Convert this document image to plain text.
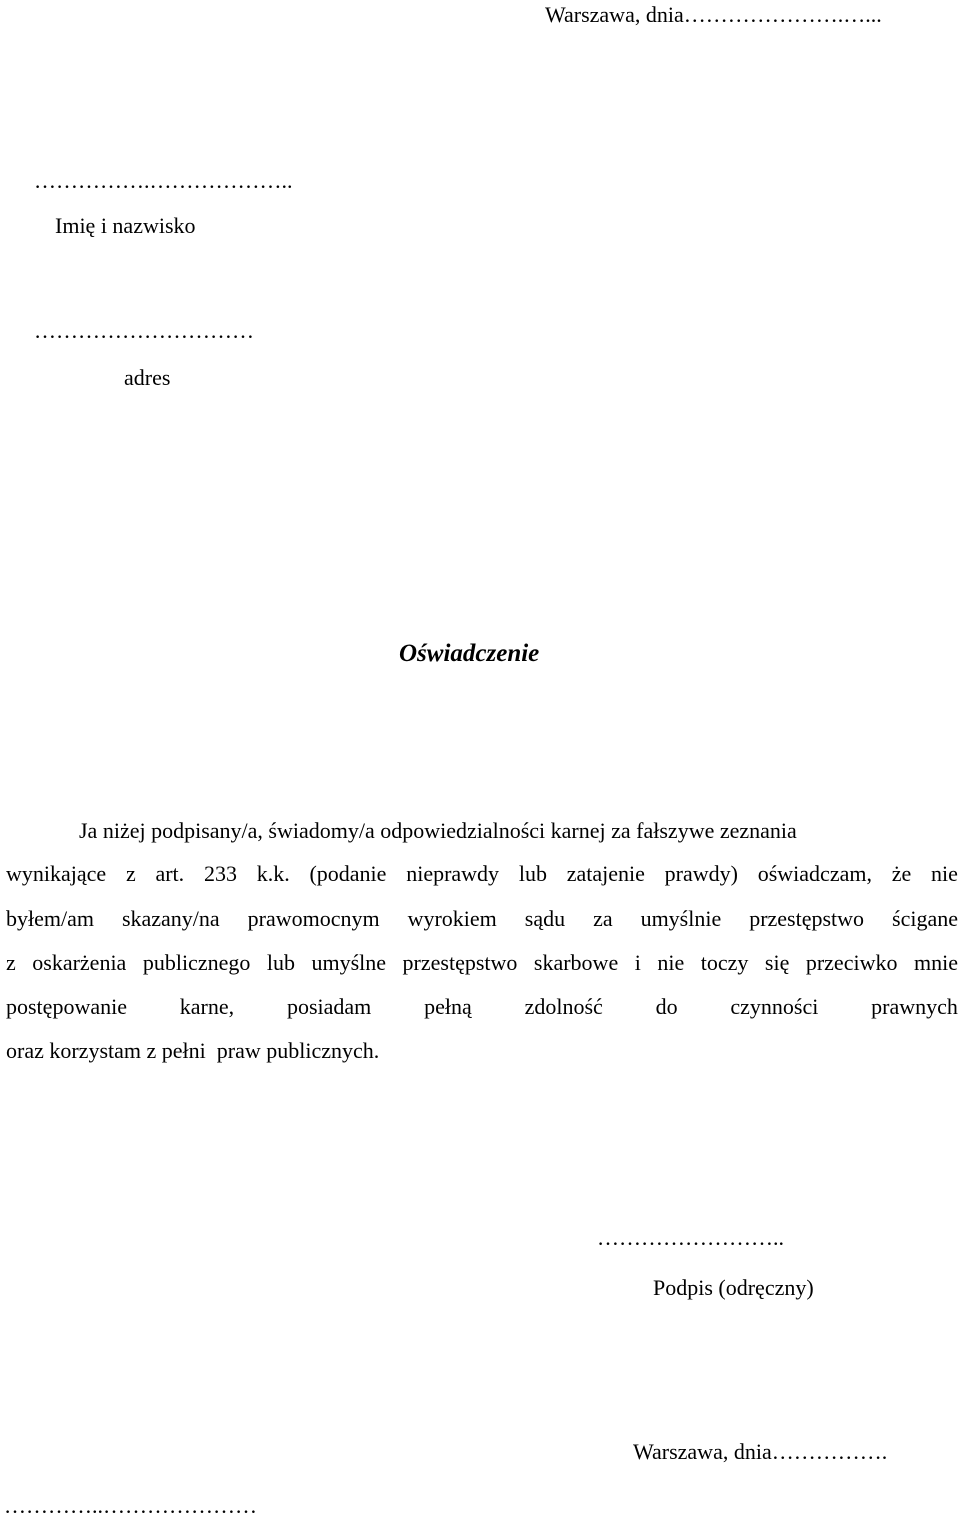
Warszawa, dnia………………….…...
…………….………………..
Imię i nazwisko
…………………………
adres
Oświadczenie
Ja niżej podpisany/a, świadomy/a odpowiedzialności karnej za fałszywe zeznania
wynikające z art. 233 k.k. (podanie nieprawdy lub zatajenie prawdy) oświadczam, że nie
byłem/am skazany/na prawomocnym wyrokiem sądu za umyślnie przestępstwo ścigane
z oskarżenia publicznego lub umyślne przestępstwo skarbowe i nie toczy się przeciwko mnie
postępowanie karne, posiadam pełną zdolność do czynności prawnych
oraz korzystam z pełni  praw publicznych.
……………………..
Podpis (odręczny)
Warszawa, dnia…………….
…………..…………………
